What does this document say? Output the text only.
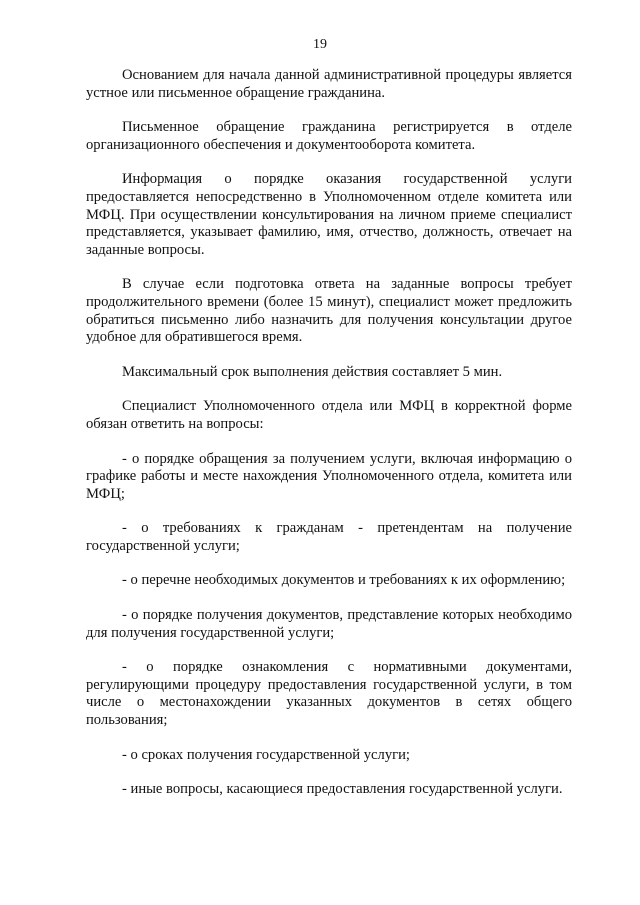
19

Основанием для начала данной административной процедуры является устное или письменное обращение гражданина.

Письменное обращение гражданина регистрируется в отделе организационного обеспечения и документооборота комитета.

Информация о порядке оказания государственной услуги предоставляется непосредственно в Уполномоченном отделе комитета или МФЦ. При осуществлении консультирования на личном приеме специалист представляется, указывает фамилию, имя, отчество, должность, отвечает на заданные вопросы.

В случае если подготовка ответа на заданные вопросы требует продолжительного времени (более 15 минут), специалист может предложить обратиться письменно либо назначить для получения консультации другое удобное для обратившегося время.

Максимальный срок выполнения действия составляет 5 мин.

Специалист Уполномоченного отдела или МФЦ в корректной форме обязан ответить на вопросы:

- о порядке обращения за получением услуги, включая информацию о графике работы и месте нахождения Уполномоченного отдела, комитета или МФЦ;

- о требованиях к гражданам - претендентам на получение государственной услуги;

- о перечне необходимых документов и требованиях к их оформлению;

- о порядке получения документов, представление которых необходимо для получения государственной услуги;

- о порядке ознакомления с нормативными документами, регулирующими процедуру предоставления государственной услуги, в том числе о местонахождении указанных документов в сетях общего пользования;

- о сроках получения государственной услуги;

- иные вопросы, касающиеся предоставления государственной услуги.
